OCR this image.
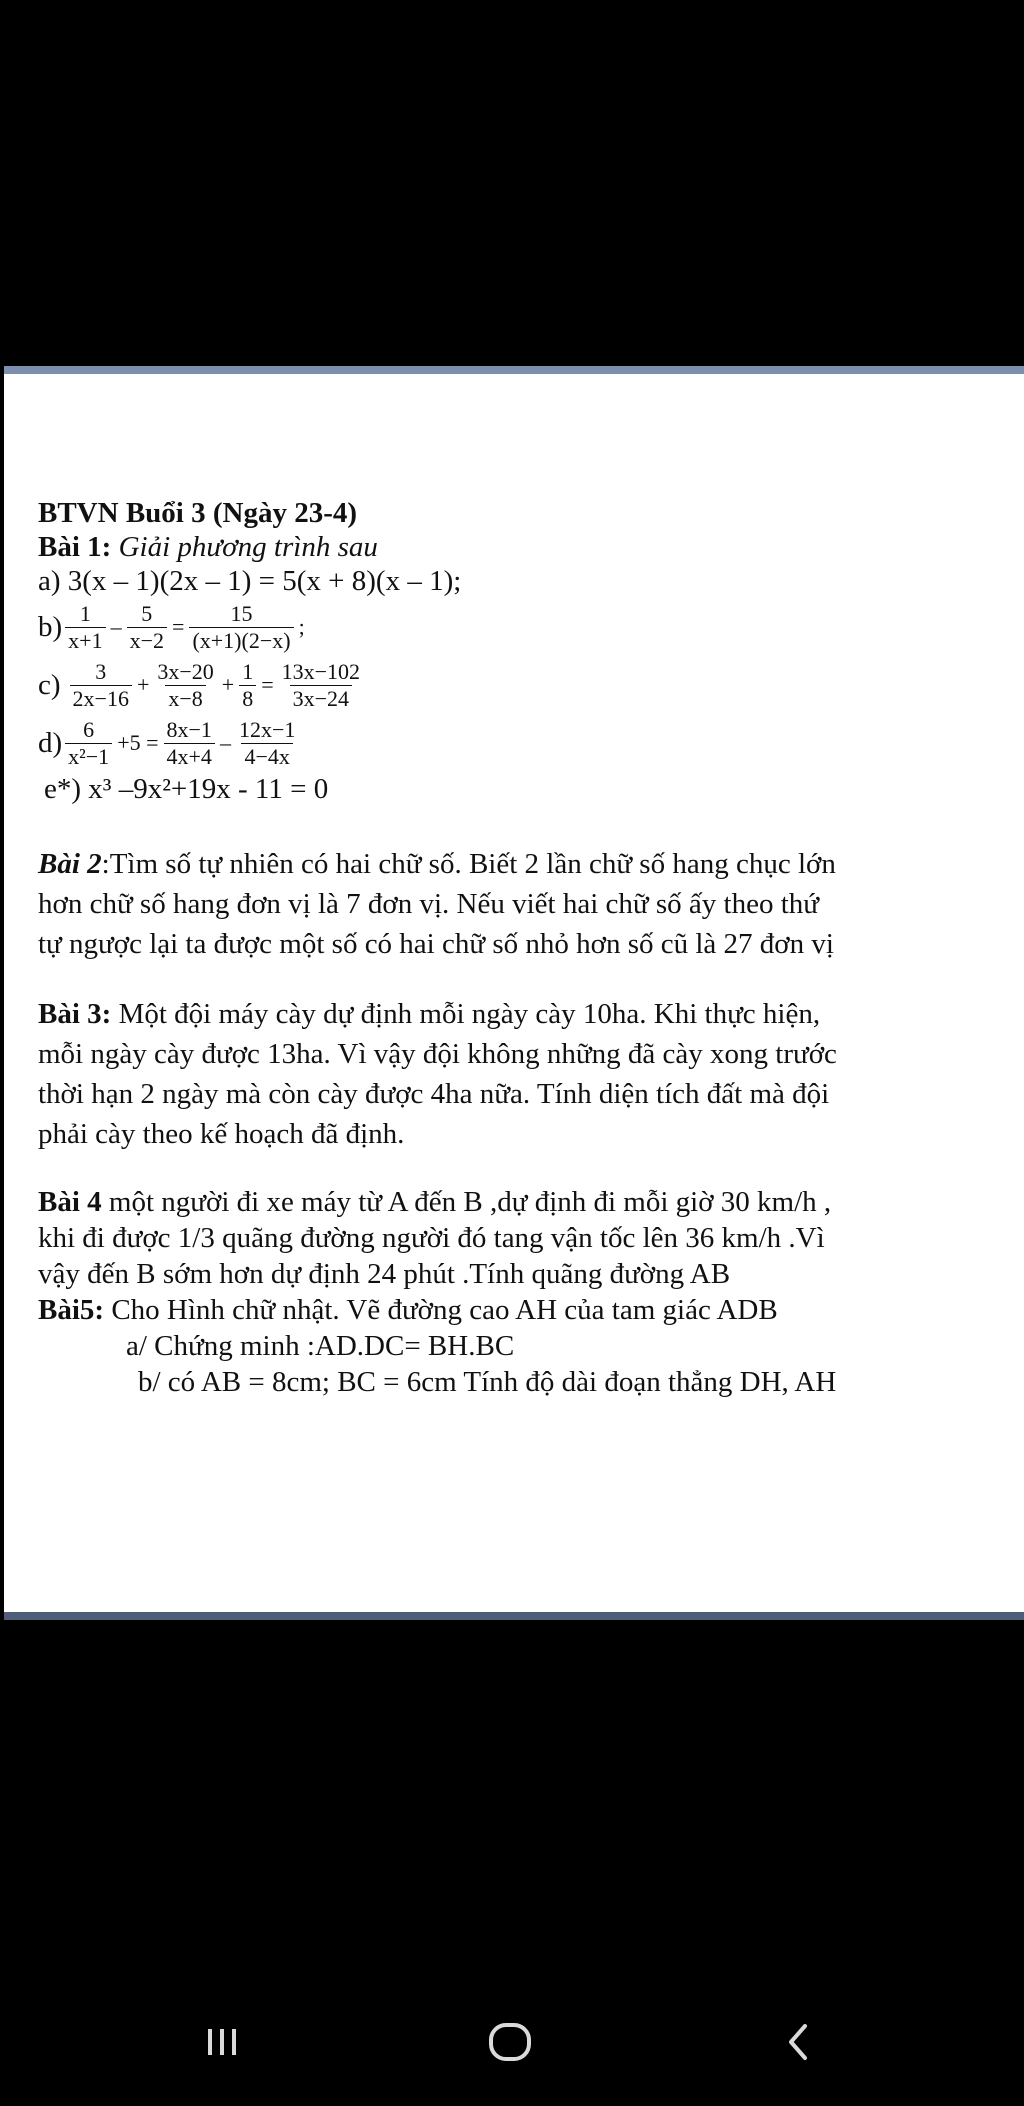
BTVN Buổi 3 (Ngày 23-4)
Bài 1: Giải phương trình sau
a) 3(x – 1)(2x – 1) = 5(x + 8)(x – 1);
$b) \frac{1}{x+1} - \frac{5}{x-2} = \frac{15}{(x+1)(2-x)}$ ;
$c) \frac{3}{2x-16} + \frac{3x-20}{x-8} + \frac{1}{8} = \frac{13x-102}{3x-24}$
$d) \frac{6}{\text{x²−1}} +5 = \frac{8x-1}{4x+4} - \frac{12x-1}{4-4x}$
e*) x³ –9x²+19x - 11 = 0
Bài 2:Tìm số tự nhiên có hai chữ số. Biết 2 lần chữ số hang chục lớn
hơn chữ số hang đơn vị là 7 đơn vị. Nếu viết hai chữ số ấy theo thứ
tự ngược lại ta được một số có hai chữ số nhỏ hơn số cũ là 27 đơn vị
Bài 3: Một đội máy cày dự định mỗi ngày cày 10ha. Khi thực hiện,
mỗi ngày cày được 13ha. Vì vậy đội không những đã cày xong trước
thời hạn 2 ngày mà còn cày được 4ha nữa. Tính diện tích đất mà đội
phải cày theo kế hoạch đã định.
Bài 4 một người đi xe máy từ A đến B ,dự định đi mỗi giờ 30 km/h ,
khi đi được 1/3 quãng đường người đó tang vận tốc lên 36 km/h .Vì
vậy đến B sớm hơn dự định 24 phút .Tính quãng đường AB
Bài5: Cho Hình chữ nhật. Vẽ đường cao AH của tam giác ADB
a/ Chứng minh :AD.DC= BH.BC
b/ có AB = 8cm; BC = 6cm Tính độ dài đoạn thẳng DH, AH
